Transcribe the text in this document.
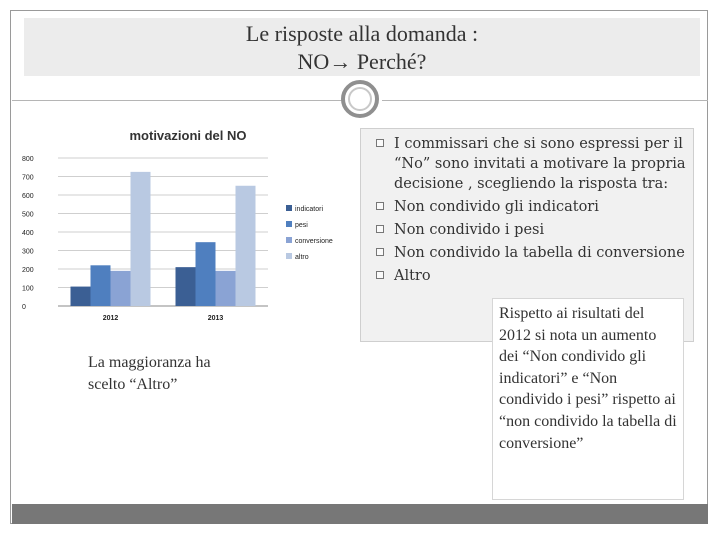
Le risposte alla domanda :
NO→ Perché?
motivazioni del NO
0
100
200
300
400
500
600
700
800
2012	2013
indicatori
pesi
conversione
altro
La maggioranza ha
scelto “Altro”
I commissari che si sono espressi per il “No” sono invitati a motivare la propria decisione , scegliendo la risposta tra:
Non condivido gli indicatori
Non condivido i pesi
Non condivido la tabella di conversione
Altro
Rispetto ai risultati del 2012 si nota un aumento dei “Non condivido gli indicatori” e “Non condivido i pesi” rispetto ai “non condivido la tabella di conversione”
